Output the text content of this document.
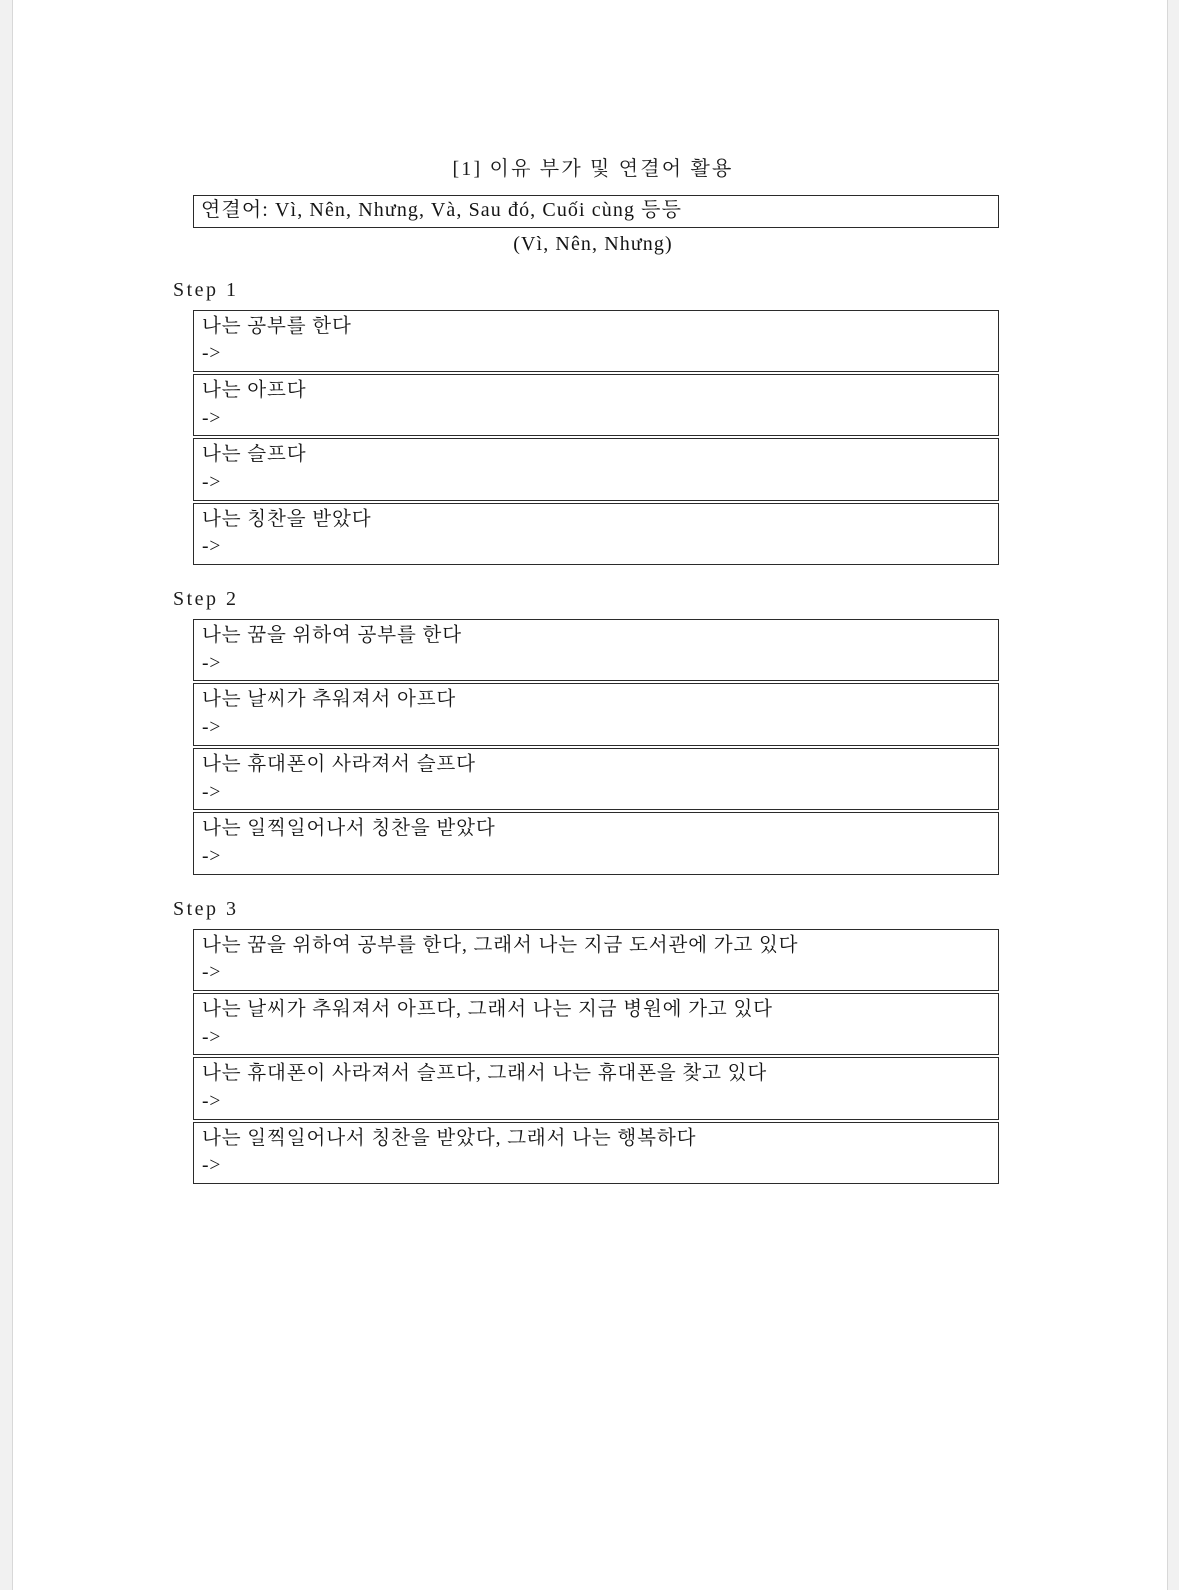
[1] 이유 부가 및 연결어 활용
연결어: Vì, Nên, Nhưng, Và, Sau đó, Cuối cùng 등등
(Vì, Nên, Nhưng)
Step 1
나는 공부를 한다
->
나는 아프다
->
나는 슬프다
->
나는 칭찬을 받았다
->
Step 2
나는 꿈을 위하여 공부를 한다
->
나는 날씨가 추워져서 아프다
->
나는 휴대폰이 사라져서 슬프다
->
나는 일찍일어나서 칭찬을 받았다
->
Step 3
나는 꿈을 위하여 공부를 한다, 그래서 나는 지금 도서관에 가고 있다
->
나는 날씨가 추워져서 아프다, 그래서 나는 지금 병원에 가고 있다
->
나는 휴대폰이 사라져서 슬프다, 그래서 나는 휴대폰을 찾고 있다
->
나는 일찍일어나서 칭찬을 받았다, 그래서 나는 행복하다
->
